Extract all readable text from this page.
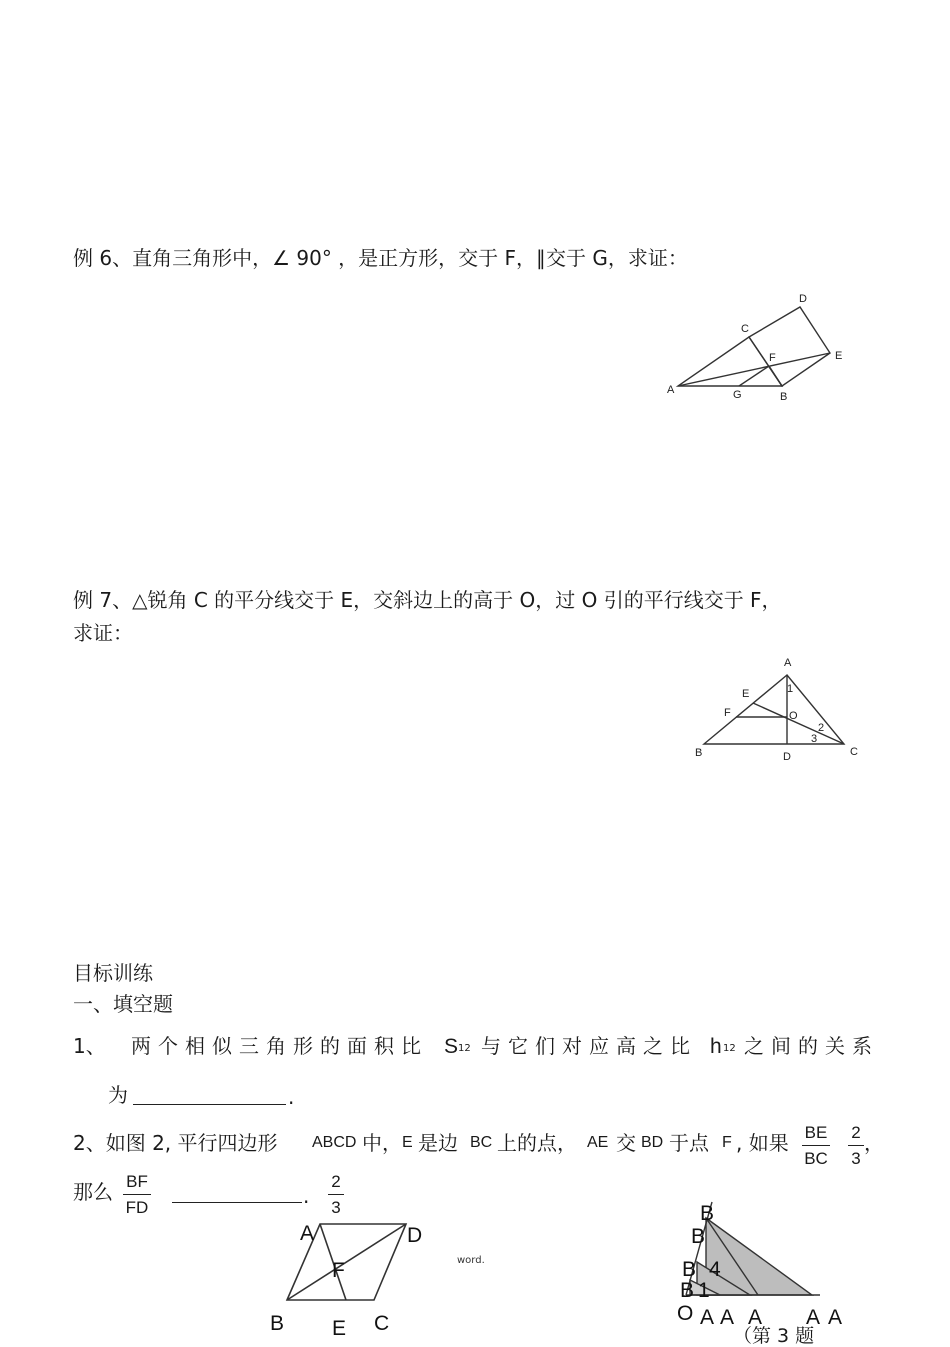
例 6、直角三角形中，∠ 90° ，是正方形，交于 F，∥交于 G，求证：
A
B
C
D
E
F
G
例 7、△锐角 C 的平分线交于 E，交斜边上的高于 O，过 O 引的平行线交于 F，
求证：
A
B	C
D
E
F	O
1
2
3
目标训练
一、填空题
1、 两个相似三角形的面积比 S 12 与它们对应高之比 h 12 之间的关系
为	.
2、如图 2, 平行四边形 ABCD 中， E 是边 BC 上的点， AE 交 BD 于点 F , 如果 BE
BC
2
3
，
那么 BF
FD	.
2
3
A	D
F
B E C
word.
B
B
B 4
B 1
O A A A A A
（第 3 题
